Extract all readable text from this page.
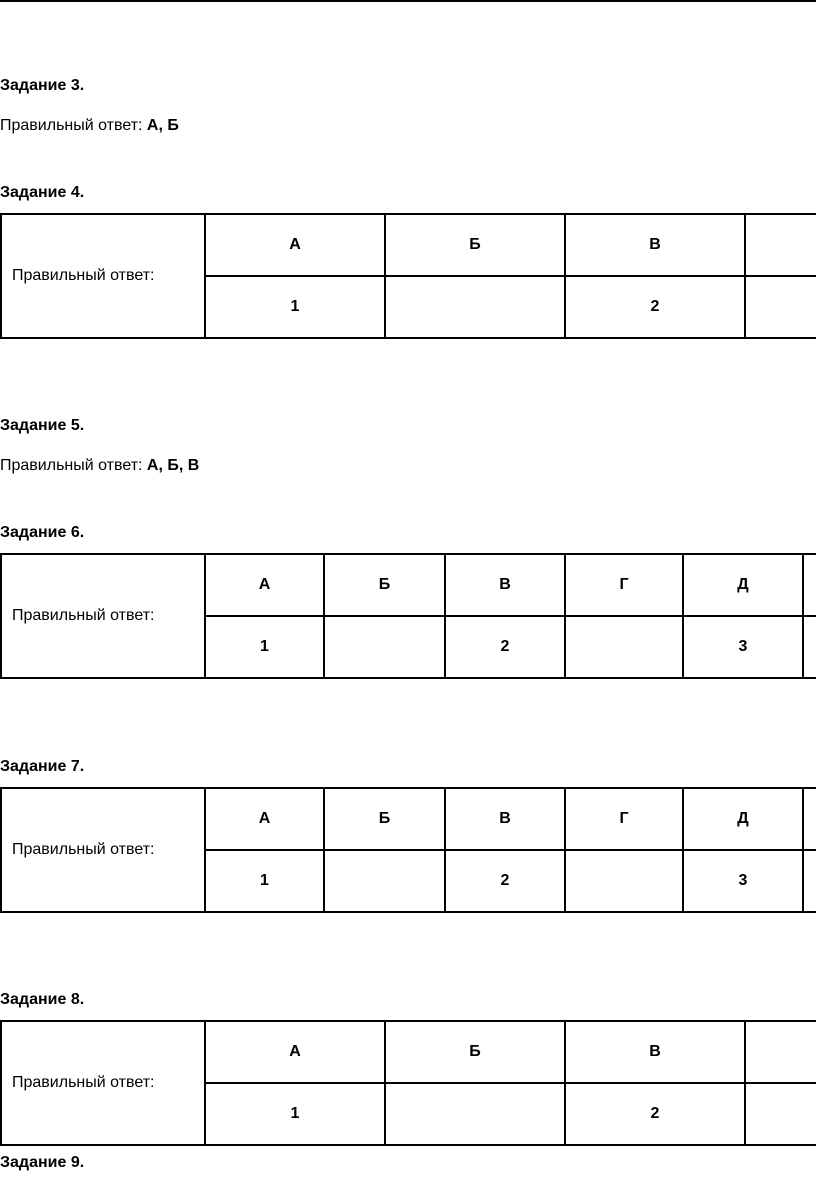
Задание 3.
Правильный ответ: А, Б
Задание 4.
Правильный ответ:	А	Б	В	
	1		2	
Задание 5.
Правильный ответ: А, Б, В
Задание 6.
Правильный ответ:	А	Б	В	Г	Д	
	1		2		3	
Задание 7.
Правильный ответ:	А	Б	В	Г	Д	
	1		2		3	
Задание 8.
Правильный ответ:	А	Б	В	
	1		2	
Задание 9.
